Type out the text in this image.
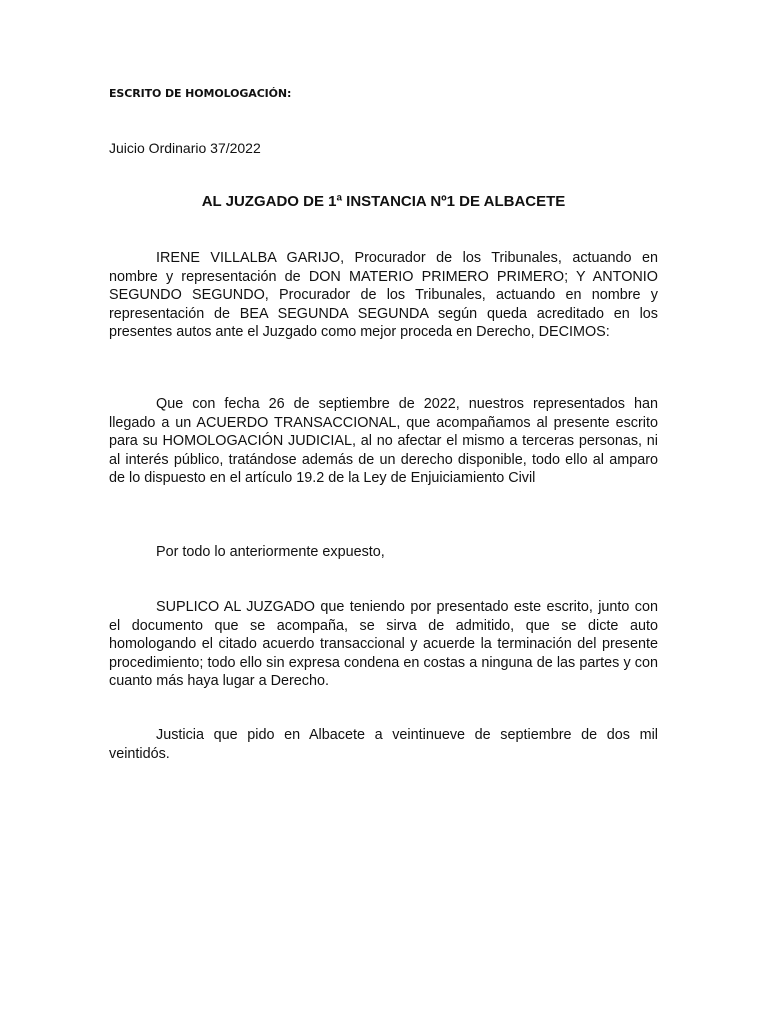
ESCRITO DE HOMOLOGACIÓN:
Juicio Ordinario 37/2022
AL JUZGADO DE 1ª INSTANCIA Nº1 DE ALBACETE

IRENE VILLALBA GARIJO, Procurador de los Tribunales, actuando en nombre y representación de DON MATERIO PRIMERO PRIMERO; Y ANTONIO SEGUNDO SEGUNDO, Procurador de los Tribunales, actuando en nombre y representación de BEA SEGUNDA SEGUNDA según queda acreditado en los presentes autos ante el Juzgado como mejor proceda en Derecho, DECIMOS:

Que con fecha 26 de septiembre de 2022, nuestros representados han llegado a un ACUERDO TRANSACCIONAL, que acompañamos al presente escrito para su HOMOLOGACIÓN JUDICIAL, al no afectar el mismo a terceras personas, ni al interés público, tratándose además de un derecho disponible, todo ello al amparo de lo dispuesto en el artículo 19.2 de la Ley de Enjuiciamiento Civil

Por todo lo anteriormente expuesto,

SUPLICO AL JUZGADO que teniendo por presentado este escrito, junto con el documento que se acompaña, se sirva de admitido, que se dicte auto homologando el citado acuerdo transaccional y acuerde la terminación del presente procedimiento; todo ello sin expresa condena en costas a ninguna de las partes y con cuanto más haya lugar a Derecho.

Justicia que pido en Albacete a veintinueve de septiembre de dos mil veintidós.
